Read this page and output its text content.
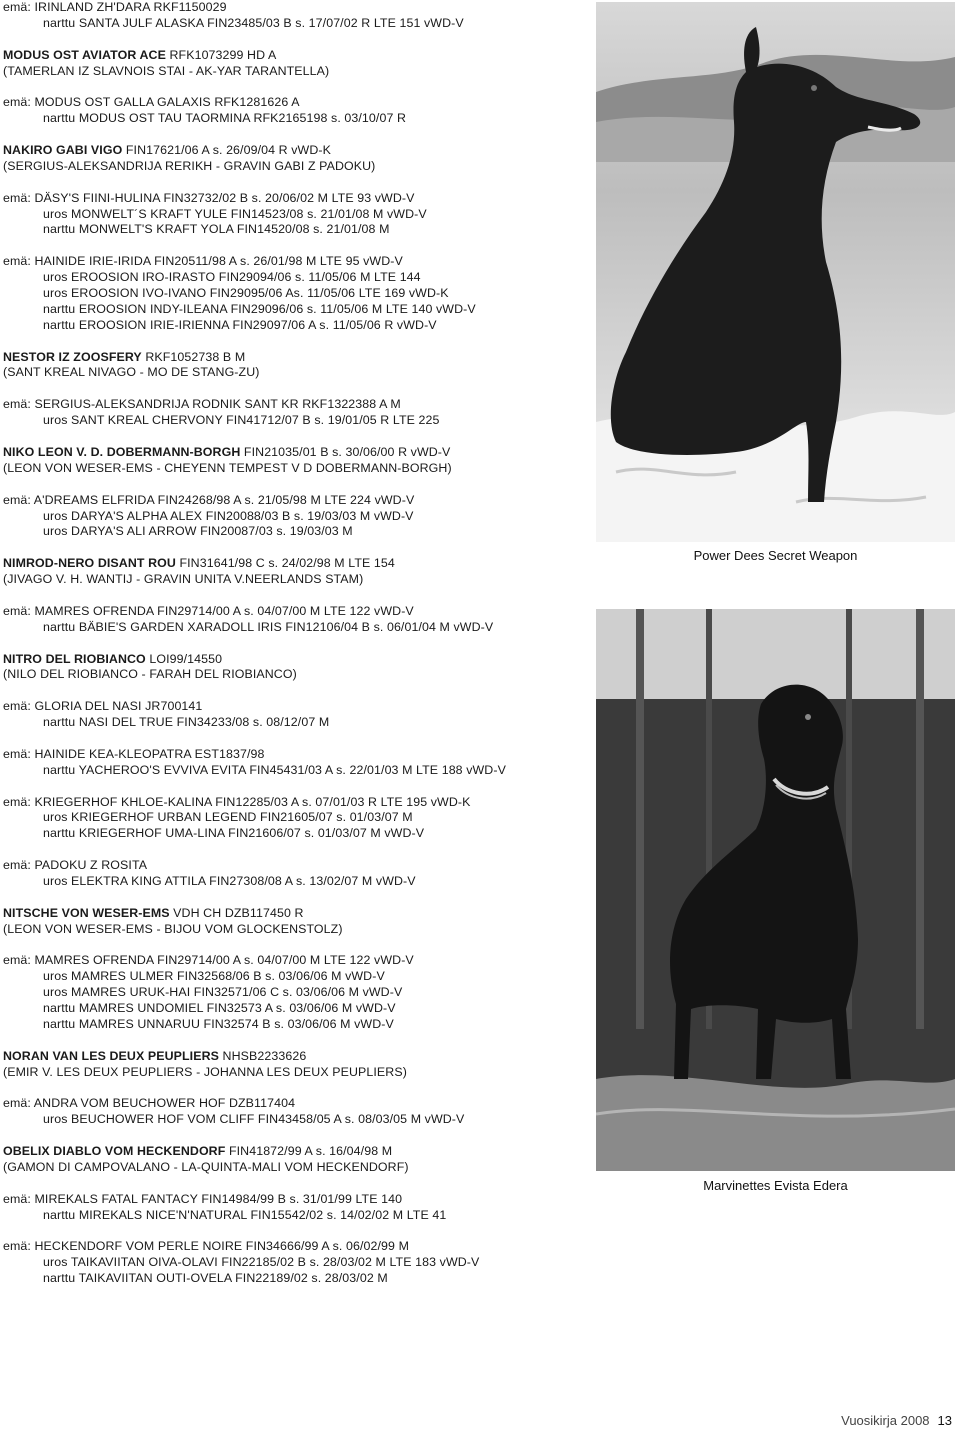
emä: IRINLAND ZH'DARA RKF1150029
narttu SANTA JULF ALASKA FIN23485/03 B s. 17/07/02 R LTE 151 vWD-V
MODUS OST AVIATOR ACE RFK1073299 HD A
(TAMERLAN IZ SLAVNOIS STAI - AK-YAR TARANTELLA)
emä: MODUS OST GALLA GALAXIS RFK1281626 A
narttu MODUS OST TAU TAORMINA RFK2165198 s. 03/10/07 R
NAKIRO GABI VIGO FIN17621/06 A s. 26/09/04 R vWD-K
(SERGIUS-ALEKSANDRIJA RERIKH - GRAVIN GABI Z PADOKU)
emä: DÄSY'S FIINI-HULINA FIN32732/02 B s. 20/06/02 M LTE 93 vWD-V
uros MONWELT´S KRAFT YULE FIN14523/08 s. 21/01/08 M vWD-V
narttu MONWELT'S KRAFT YOLA FIN14520/08 s. 21/01/08 M
emä: HAINIDE IRIE-IRIDA FIN20511/98 A s. 26/01/98 M LTE 95 vWD-V
uros EROOSION IRO-IRASTO FIN29094/06 s. 11/05/06 M LTE 144
uros EROOSION IVO-IVANO FIN29095/06 As. 11/05/06 LTE 169 vWD-K
narttu EROOSION INDY-ILEANA FIN29096/06 s. 11/05/06 M LTE 140 vWD-V
narttu EROOSION IRIE-IRIENNA FIN29097/06 A s. 11/05/06 R vWD-V
NESTOR IZ ZOOSFERY RKF1052738 B M
(SANT KREAL NIVAGO - MO DE STANG-ZU)
emä: SERGIUS-ALEKSANDRIJA RODNIK SANT KR RKF1322388 A M
uros SANT KREAL CHERVONY FIN41712/07 B s. 19/01/05 R LTE 225
NIKO LEON V. D. DOBERMANN-BORGH FIN21035/01 B s. 30/06/00 R vWD-V
(LEON VON WESER-EMS - CHEYENN TEMPEST V D DOBERMANN-BORGH)
emä: A'DREAMS ELFRIDA FIN24268/98 A s. 21/05/98 M LTE 224 vWD-V
uros DARYA'S ALPHA ALEX FIN20088/03 B s. 19/03/03 M vWD-V
uros DARYA'S ALI ARROW FIN20087/03 s. 19/03/03 M
NIMROD-NERO DISANT ROU FIN31641/98 C s. 24/02/98 M LTE 154
(JIVAGO V. H. WANTIJ - GRAVIN UNITA V.NEERLANDS STAM)
emä: MAMRES OFRENDA FIN29714/00 A s. 04/07/00 M LTE 122 vWD-V
narttu BÄBIE'S GARDEN XARADOLL IRIS FIN12106/04 B s. 06/01/04 M vWD-V
NITRO DEL RIOBIANCO LOI99/14550
(NILO DEL RIOBIANCO - FARAH DEL RIOBIANCO)
emä: GLORIA DEL NASI JR700141
narttu NASI DEL TRUE FIN34233/08 s. 08/12/07 M
emä: HAINIDE KEA-KLEOPATRA EST1837/98
narttu YACHEROO'S EVVIVA EVITA FIN45431/03 A s. 22/01/03 M LTE 188 vWD-V
emä: KRIEGERHOF KHLOE-KALINA FIN12285/03 A s. 07/01/03 R LTE 195 vWD-K
uros KRIEGERHOF URBAN LEGEND FIN21605/07 s. 01/03/07 M
narttu KRIEGERHOF UMA-LINA FIN21606/07 s. 01/03/07 M vWD-V
emä: PADOKU Z ROSITA
uros ELEKTRA KING ATTILA FIN27308/08 A s. 13/02/07 M vWD-V
NITSCHE VON WESER-EMS VDH CH DZB117450 R
(LEON VON WESER-EMS - BIJOU VOM GLOCKENSTOLZ)
emä: MAMRES OFRENDA FIN29714/00 A s. 04/07/00 M LTE 122 vWD-V
uros MAMRES ULMER FIN32568/06 B s. 03/06/06 M vWD-V
uros MAMRES URUK-HAI FIN32571/06 C s. 03/06/06 M vWD-V
narttu MAMRES UNDOMIEL FIN32573 A s. 03/06/06 M vWD-V
narttu MAMRES UNNARUU FIN32574 B s. 03/06/06 M vWD-V
NORAN VAN LES DEUX PEUPLIERS NHSB2233626
(EMIR V. LES DEUX PEUPLIERS - JOHANNA LES DEUX PEUPLIERS)
emä: ANDRA VOM BEUCHOWER HOF DZB117404
uros BEUCHOWER HOF VOM CLIFF FIN43458/05 A s. 08/03/05 M vWD-V
OBELIX DIABLO VOM HECKENDORF FIN41872/99 A s. 16/04/98 M
(GAMON DI CAMPOVALANO - LA-QUINTA-MALI VOM HECKENDORF)
emä: MIREKALS FATAL FANTACY FIN14984/99 B s. 31/01/99 LTE 140
narttu MIREKALS NICE'N'NATURAL FIN15542/02 s. 14/02/02 M LTE 41
emä: HECKENDORF VOM PERLE NOIRE FIN34666/99 A s. 06/02/99 M
uros TAIKAVIITAN OIVA-OLAVI FIN22185/02 B s. 28/03/02 M LTE 183 vWD-V
narttu TAIKAVIITAN OUTI-OVELA FIN22189/02 s. 28/03/02 M
Power Dees Secret Weapon
Marvinettes Evista Edera
Vuosikirja 2008 13
